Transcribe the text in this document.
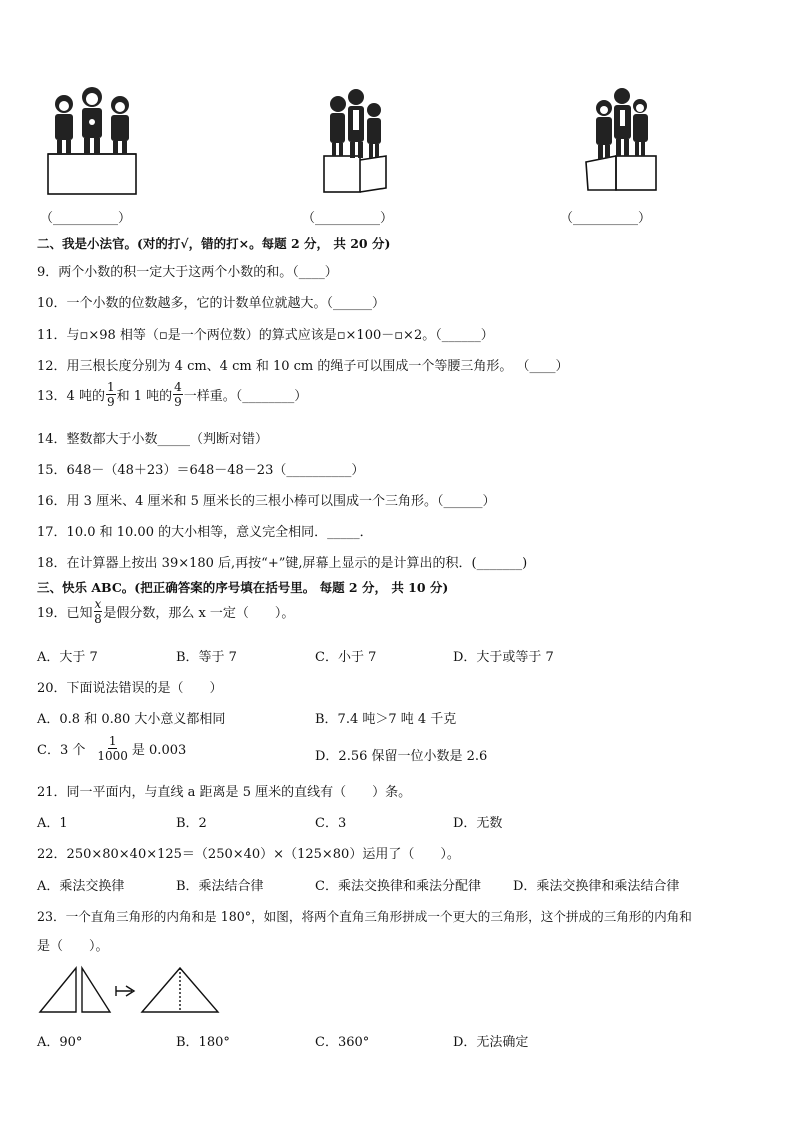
（__________）	（__________）	（__________）
二、我是小法官。(对的打√，错的打×。每题 2 分， 共 20 分)
9．两个小数的积一定大于这两个小数的和。（____）
10．一个小数的位数越多，它的计数单位就越大。（______）
11．与▫×98 相等（▫是一个两位数）的算式应该是▫×100－▫×2。（______）
12．用三根长度分别为 4 cm、4 cm 和 10 cm 的绳子可以围成一个等腰三角形。 （____）
13．4 吨的 $\frac{1}{9}$ 和 1 吨的 $\frac{4}{9}$ 一样重。（________）
14．整数都大于小数_____（判断对错）
15．648－（48＋23）＝648－48－23（__________）
16．用 3 厘米、4 厘米和 5 厘米长的三根小棒可以围成一个三角形。（______）
17．10.0 和 10.00 的大小相等，意义完全相同．_____．
18．在计算器上按出 39×180 后,再按“+”键,屏幕上显示的是计算出的积．(_______)
三、快乐 ABC。(把正确答案的序号填在括号里。 每题 2 分， 共 10 分)
19．已知 $\frac{x}{8}$ 是假分数，那么 x 一定（　　）。
A．大于 7	B．等于 7	C．小于 7	D．大于或等于 7
20．下面说法错误的是（　　）
A．0.8 和 0.80 大小意义都相同	B．7.4 吨＞7 吨 4 千克
C．3 个 $\frac{1}{1000}$ 是 0.003	D．2.56 保留一位小数是 2.6
21．同一平面内，与直线 a 距离是 5 厘米的直线有（　　）条。
A．1	B．2	C．3	D．无数
22．250×80×40×125＝（250×40）×（125×80）运用了（　　）。
A．乘法交换律	B．乘法结合律	C．乘法交换律和乘法分配律 D．乘法交换律和乘法结合律
23．一个直角三角形的内角和是 180°，如图，将两个直角三角形拼成一个更大的三角形，这个拼成的三角形的内角和
是（　　）。
A．90°	B．180°	C．360°	D．无法确定
